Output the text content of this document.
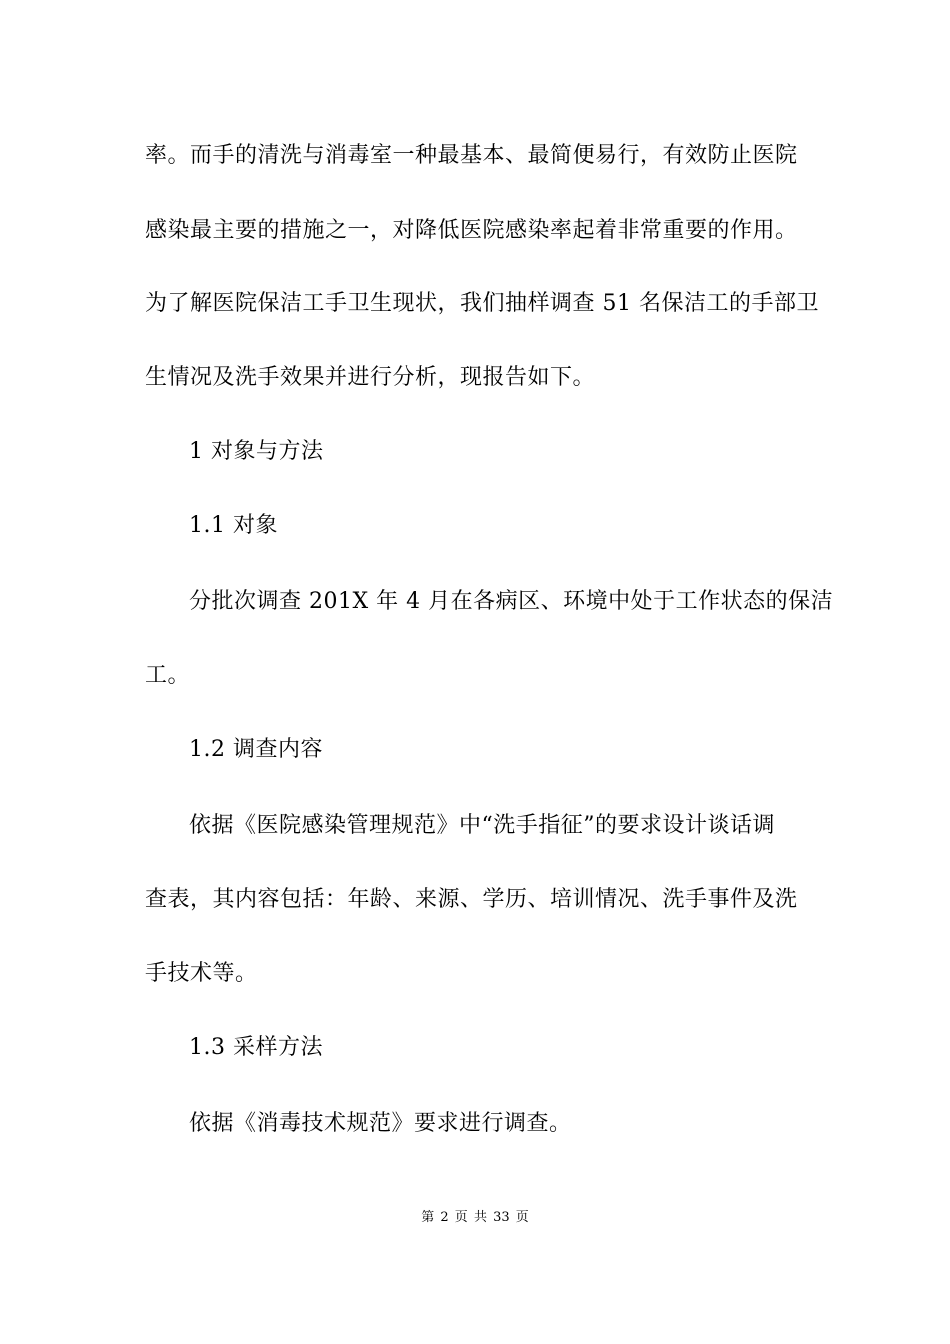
率。而手的清洗与消毒室一种最基本、最简便易行，有效防止医院
感染最主要的措施之一，对降低医院感染率起着非常重要的作用。
为了解医院保洁工手卫生现状，我们抽样调查 51 名保洁工的手部卫
生情况及洗手效果并进行分析，现报告如下。
1 对象与方法
1.1 对象
分批次调查 201X 年 4 月在各病区、环境中处于工作状态的保洁
工。
1.2 调查内容
依据《医院感染管理规范》中“洗手指征”的要求设计谈话调
查表，其内容包括：年龄、来源、学历、培训情况、洗手事件及洗
手技术等。
1.3 采样方法
依据《消毒技术规范》要求进行调查。
第 2 页 共 33 页
